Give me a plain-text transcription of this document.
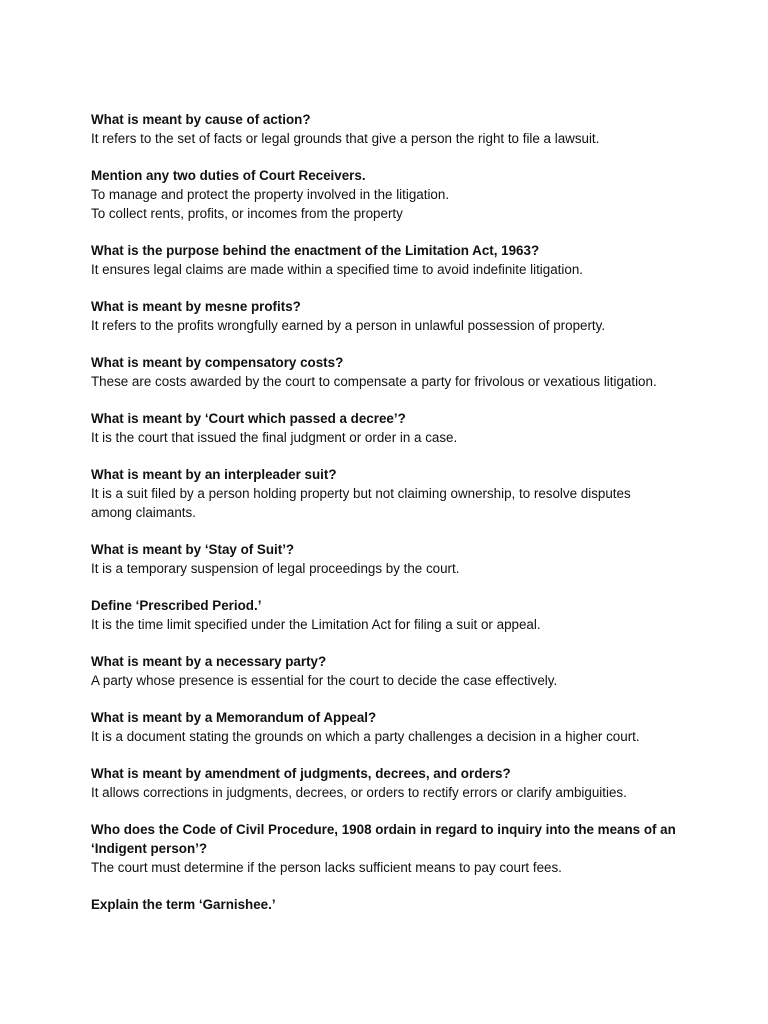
What is meant by cause of action?

It refers to the set of facts or legal grounds that give a person the right to file a lawsuit.

Mention any two duties of Court Receivers.

To manage and protect the property involved in the litigation.

To collect rents, profits, or incomes from the property

What is the purpose behind the enactment of the Limitation Act, 1963?

It ensures legal claims are made within a specified time to avoid indefinite litigation.

What is meant by mesne profits?

It refers to the profits wrongfully earned by a person in unlawful possession of property.

What is meant by compensatory costs?

These are costs awarded by the court to compensate a party for frivolous or vexatious litigation.

What is meant by ‘Court which passed a decree’?

It is the court that issued the final judgment or order in a case.

What is meant by an interpleader suit?

It is a suit filed by a person holding property but not claiming ownership, to resolve disputes

among claimants.

What is meant by ‘Stay of Suit’?

It is a temporary suspension of legal proceedings by the court.

Define ‘Prescribed Period.’

It is the time limit specified under the Limitation Act for filing a suit or appeal.

What is meant by a necessary party?

A party whose presence is essential for the court to decide the case effectively.

What is meant by a Memorandum of Appeal?

It is a document stating the grounds on which a party challenges a decision in a higher court.

What is meant by amendment of judgments, decrees, and orders?

It allows corrections in judgments, decrees, or orders to rectify errors or clarify ambiguities.

Who does the Code of Civil Procedure, 1908 ordain in regard to inquiry into the means of an ‘Indigent person’?

The court must determine if the person lacks sufficient means to pay court fees.

Explain the term ‘Garnishee.’
